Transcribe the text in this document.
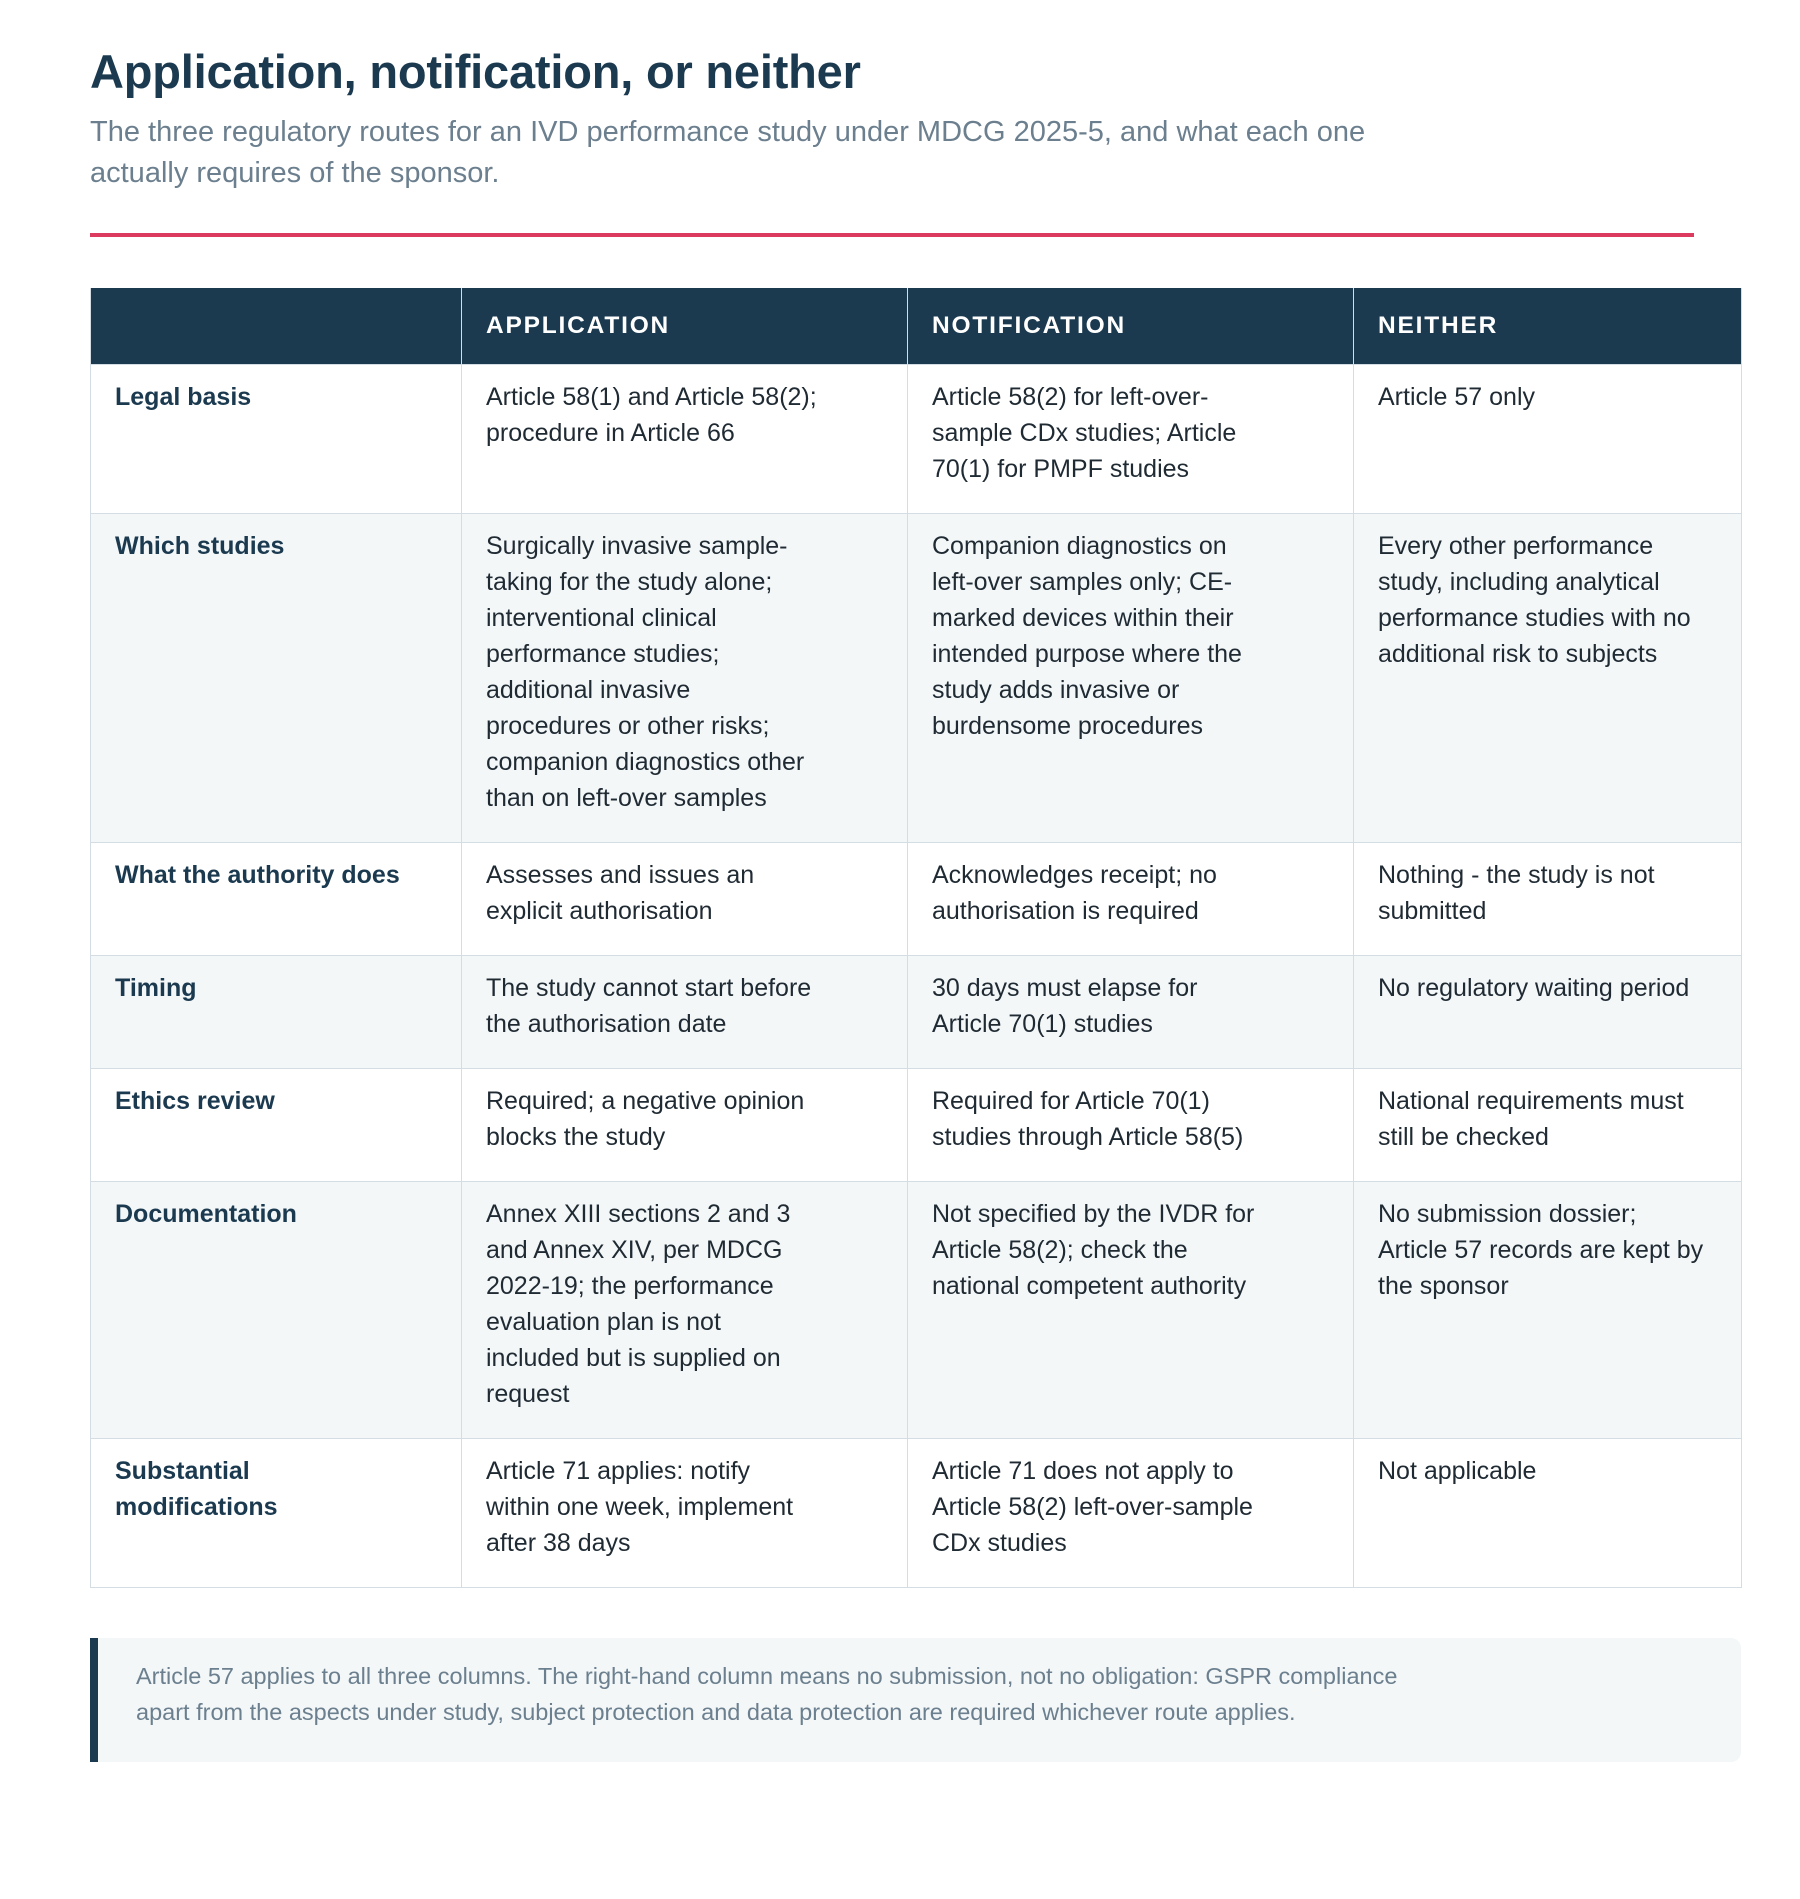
Application, notification, or neither

The three regulatory routes for an IVD performance study under MDCG 2025-5, and what each one actually requires of the sponsor.

	APPLICATION	NOTIFICATION	NEITHER
Legal basis	Article 58(1) and Article 58(2); procedure in Article 66	Article 58(2) for left-over-sample CDx studies; Article 70(1) for PMPF studies	Article 57 only
Which studies	Surgically invasive sample-taking for the study alone; interventional clinical performance studies; additional invasive procedures or other risks; companion diagnostics other than on left-over samples	Companion diagnostics on left-over samples only; CE-marked devices within their intended purpose where the study adds invasive or burdensome procedures	Every other performance study, including analytical performance studies with no additional risk to subjects
What the authority does	Assesses and issues an explicit authorisation	Acknowledges receipt; no authorisation is required	Nothing - the study is not submitted
Timing	The study cannot start before the authorisation date	30 days must elapse for Article 70(1) studies	No regulatory waiting period
Ethics review	Required; a negative opinion blocks the study	Required for Article 70(1) studies through Article 58(5)	National requirements must still be checked
Documentation	Annex XIII sections 2 and 3 and Annex XIV, per MDCG 2022-19; the performance evaluation plan is not included but is supplied on request	Not specified by the IVDR for Article 58(2); check the national competent authority	No submission dossier; Article 57 records are kept by the sponsor
Substantial modifications	Article 71 applies: notify within one week, implement after 38 days	Article 71 does not apply to Article 58(2) left-over-sample CDx studies	Not applicable
Article 57 applies to all three columns. The right-hand column means no submission, not no obligation: GSPR compliance apart from the aspects under study, subject protection and data protection are required whichever route applies.
